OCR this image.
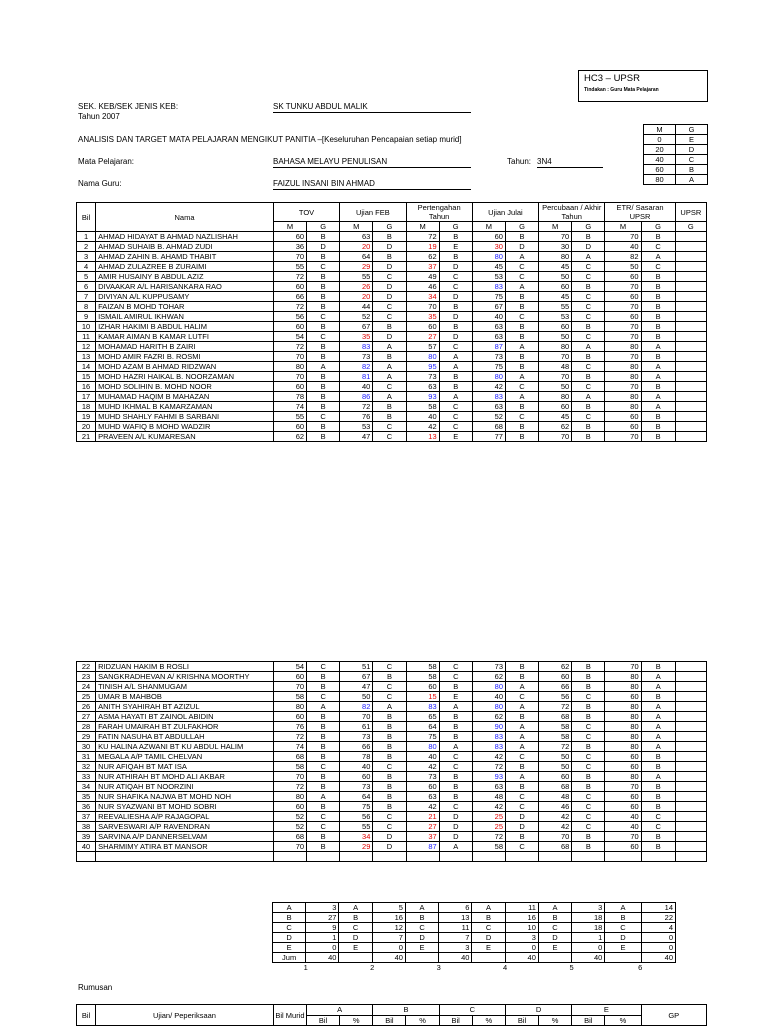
HC3 – UPSR
Tindakan : Guru Mata Pelajaran
SEK. KEB/SEK JENIS KEB:	SK TUNKU ABDUL MALIK
Tahun 2007
ANALISIS DAN TARGET MATA PELAJARAN MENGIKUT PANITIA –[Keseluruhan Pencapaian setiap murid]
Mata Pelajaran:	BAHASA MELAYU PENULISAN	Tahun: 3N4
Nama Guru:	FAIZUL INSANI BIN AHMAD
M	G
0	E
20	D
40	C
60	B
80	A
Bil	Nama	TOV		Ujian FEB		Pertengahan Tahun		Ujian Julai		Percubaan / Akhir Tahun		ETR/ Sasaran UPSR		UPSR
		M	G	M	G	M	G	M	G	M	G	M	G	G
1	AHMAD HIDAYAT B AHMAD NAZLISHAH	60	B	63	B	72	B	60	B	70	B	70	B	
2	AHMAD SUHAIB B. AHMAD ZUDI	36	D	20	D	19	E	30	D	30	D	40	C	
3	AHMAD ZAHIN B. AHAMD THABIT	70	B	64	B	62	B	80	A	80	A	82	A	
4	AHMAD ZULAZREE B ZURAIMI	55	C	29	D	37	D	45	C	45	C	50	C	
5	AMIR HUSAINY B ABDUL AZIZ	72	B	55	C	49	C	53	C	50	C	60	B	
6	DIVAAKAR A/L HARISANKARA RAO	60	B	26	D	46	C	83	A	60	B	70	B	
7	DIVIYAN A/L KUPPUSAMY	66	B	20	D	34	D	75	B	45	C	60	B	
8	FAIZAN B MOHD TOHAR	72	B	44	C	70	B	67	B	55	C	70	B	
9	ISMAIL AMIRUL IKHWAN	56	C	52	C	35	D	40	C	53	C	60	B	
10	IZHAR HAKIMI B ABDUL HALIM	60	B	67	B	60	B	63	B	60	B	70	B	
11	KAMAR AIMAN B KAMAR LUTFI	54	C	35	D	27	D	63	B	50	C	70	B	
12	MOHAMAD HARITH B ZAIRI	72	B	83	A	57	C	87	A	80	A	80	A	
13	MOHD AMIR FAZRI B. ROSMI	70	B	73	B	80	A	73	B	70	B	70	B	
14	MOHD AZAM B AHMAD RIDZWAN	80	A	82	A	95	A	75	B	48	C	80	A	
15	MOHD HAZRI HAIKAL B. NOORZAMAN	70	B	81	A	73	B	80	A	70	B	80	A	
16	MOHD SOLIHIN B. MOHD NOOR	60	B	40	C	63	B	42	C	50	C	70	B	
17	MUHAMAD HAQIM B MAHAZAN	78	B	86	A	93	A	83	A	80	A	80	A	
18	MUHD IKHMAL B KAMARZAMAN	74	B	72	B	58	C	63	B	60	B	80	A	
19	MUHD SHAHLY FAHMI B SARBANI	55	C	76	B	40	C	52	C	45	C	60	B	
20	MUHD WAFIQ B MOHD WADZIR	60	B	53	C	42	C	68	B	62	B	60	B	
21	PRAVEEN A/L KUMARESAN	62	B	47	C	13	E	77	B	70	B	70	B	
22	RIDZUAN HAKIM B ROSLI	54	C	51	C	58	C	73	B	62	B	70	B	
23	SANGKRADHEVAN A/ KRISHNA MOORTHY	60	B	67	B	58	C	62	B	60	B	80	A	
24	TINISH A/L SHANMUGAM	70	B	47	C	60	B	80	A	66	B	80	A	
25	UMAR B MAHBOB	58	C	50	C	15	E	40	C	56	C	60	B	
26	ANITH SYAHIRAH BT AZIZUL	80	A	82	A	83	A	80	A	72	B	80	A	
27	ASMA HAYATI BT ZAINOL ABIDIN	60	B	70	B	65	B	62	B	68	B	80	A	
28	FARAH UMAIRAH BT ZULFAKHOR	76	B	61	B	64	B	90	A	58	C	80	A	
29	FATIN NASUHA BT ABDULLAH	72	B	73	B	75	B	83	A	58	C	80	A	
30	KU HALINA AZWANI BT KU ABDUL HALIM	74	B	66	B	80	A	83	A	72	B	80	A	
31	MEGALA A/P TAMIL CHELVAN	68	B	78	B	40	C	42	C	50	C	60	B	
32	NUR AFIQAH BT MAT ISA	58	C	40	C	42	C	72	B	50	C	60	B	
33	NUR ATHIRAH BT MOHD ALI AKBAR	70	B	60	B	73	B	93	A	60	B	80	A	
34	NUR ATIQAH BT NOORZINI	72	B	73	B	60	B	63	B	68	B	70	B	
35	NUR SHAFIKA NAJWA BT MOHD NOH	80	A	64	B	63	B	48	C	48	C	60	B	
36	NUR SYAZWANI BT MOHD SOBRI	60	B	75	B	42	C	42	C	46	C	60	B	
37	REEVALIESHA A/P RAJAGOPAL	52	C	56	C	21	D	25	D	42	C	40	C	
38	SARVESWARI A/P RAVENDRAN	52	C	55	C	27	D	25	D	42	C	40	C	
39	SARVINA A/P DANNERSELVAM	68	B	34	D	37	D	72	B	70	B	70	B	
40	SHARMIMY ATIRA BT MANSOR	70	B	29	D	87	A	58	C	68	B	60	B	

A	3	A	5	A	6	A	11	A	3	A	14
B	27	B	16	B	13	B	16	B	18	B	22
C	9	C	12	C	11	C	10	C	18	C	4
D	1	D	7	D	7	D	3	D	1	D	0
E	0	E	0	E	3	E	0	E	0	E	0
Jum	40		40		40		40		40		40
1		2		3		4		5		6	
Rumusan
Bil	Ujian/ Peperiksaan	Bil Murid	A		B		C		D		E		GP
			Bil	%	Bil	%	Bil	%	Bil	%	Bil	%	
